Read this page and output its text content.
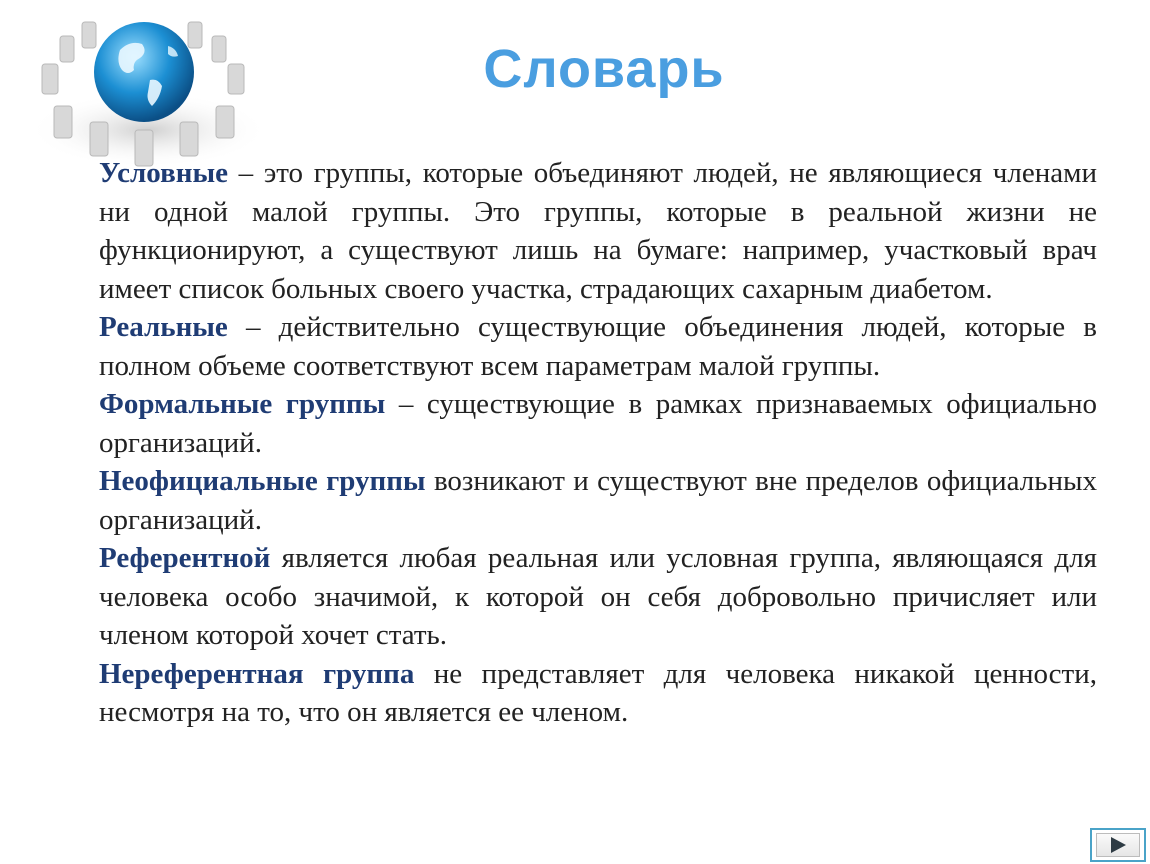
Словарь

Условные – это группы, которые объединяют людей, не являющиеся членами ни одной малой группы. Это группы, которые в реальной жизни не функционируют, а существуют лишь на бумаге: например, участковый врач имеет список больных своего участка, страдающих сахарным диабетом.

Реальные – действительно существующие объединения людей, которые в полном объеме соответствуют всем параметрам малой группы.

Формальные группы – существующие в рамках признаваемых официально организаций.

Неофициальные группы возникают и существуют вне пределов официальных организаций.

Референтной является любая реальная или условная группа, являющаяся для человека особо значимой, к которой он себя добровольно причисляет или членом которой хочет стать.

Нереферентная группа не представляет для человека никакой ценности, несмотря на то, что он является ее членом.
